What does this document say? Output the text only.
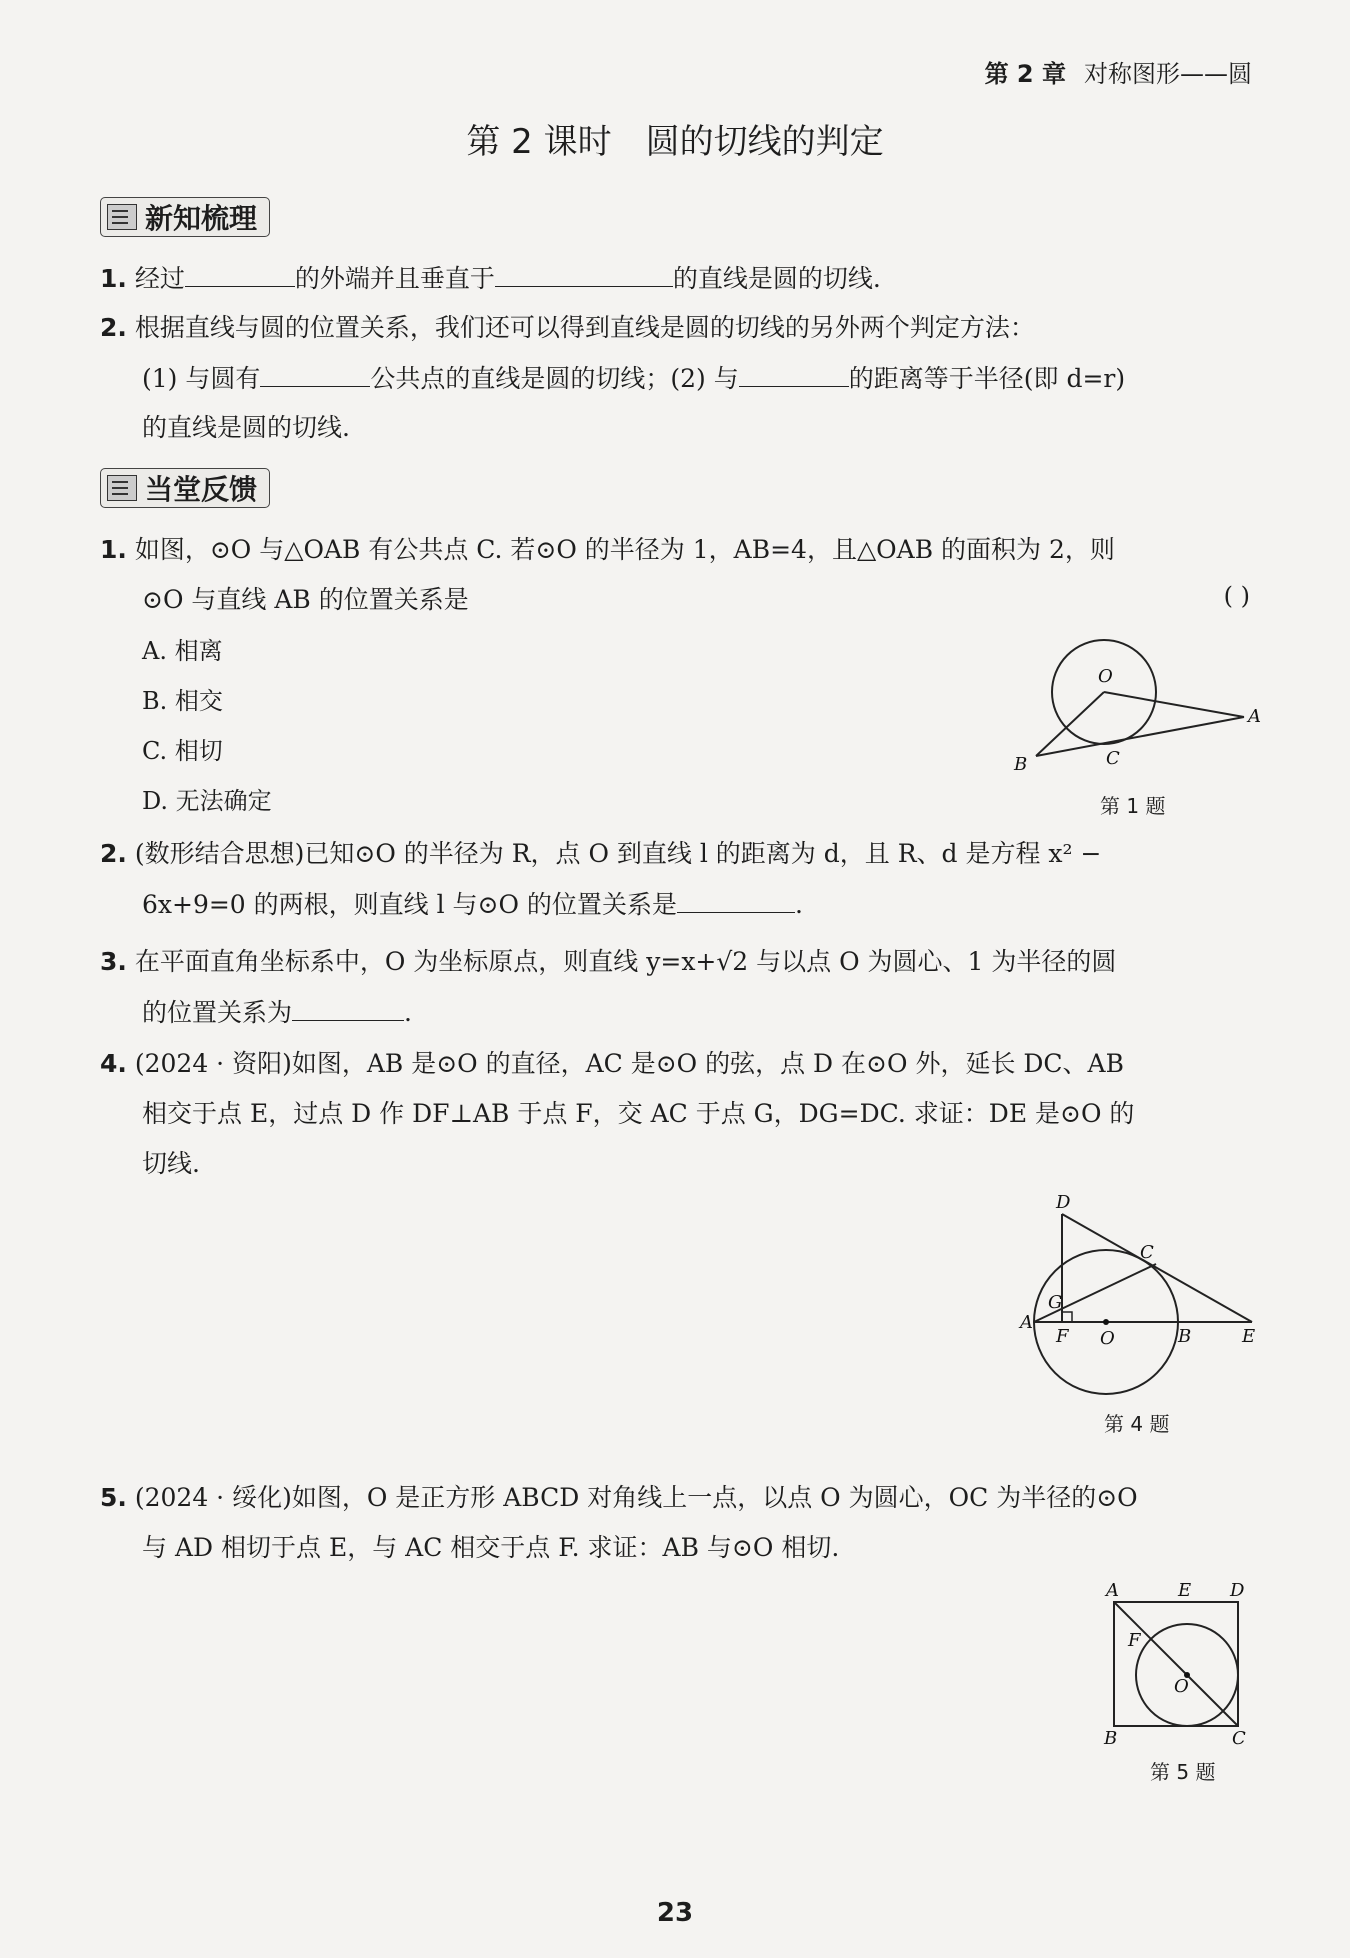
第 2 章 对称图形——圆
第 2 课时 圆的切线的判定
新知梳理
1. 经过	的外端并且垂直于	的直线是圆的切线.
2. 根据直线与圆的位置关系，我们还可以得到直线是圆的切线的另外两个判定方法：
(1) 与圆有	公共点的直线是圆的切线；(2) 与	的距离等于半径(即 d=r)
的直线是圆的切线.
当堂反馈
1. 如图，⊙O 与△OAB 有公共点 C. 若⊙O 的半径为 1，AB=4，且△OAB 的面积为 2，则
⊙O 与直线 AB 的位置关系是	( )
A. 相离
B. 相交
C. 相切
D. 无法确定
O
A
B	C
第 1 题
2. (数形结合思想)已知⊙O 的半径为 R，点 O 到直线 l 的距离为 d，且 R、d 是方程 x² −
6x+9=0 的两根，则直线 l 与⊙O 的位置关系是	.
3. 在平面直角坐标系中，O 为坐标原点，则直线 y=x+√2 与以点 O 为圆心、1 为半径的圆
的位置关系为	.
4. (2024 · 资阳)如图，AB 是⊙O 的直径，AC 是⊙O 的弦，点 D 在⊙O 外，延长 DC、AB
相交于点 E，过点 D 作 DF⊥AB 于点 F，交 AC 于点 G，DG=DC. 求证：DE 是⊙O 的
切线.
D
C
G
A
F O	B	E
第 4 题
5. (2024 · 绥化)如图，O 是正方形 ABCD 对角线上一点，以点 O 为圆心，OC 为半径的⊙O
与 AD 相切于点 E，与 AC 相交于点 F. 求证：AB 与⊙O 相切.
A	E D
F
O
B	C
第 5 题
23
